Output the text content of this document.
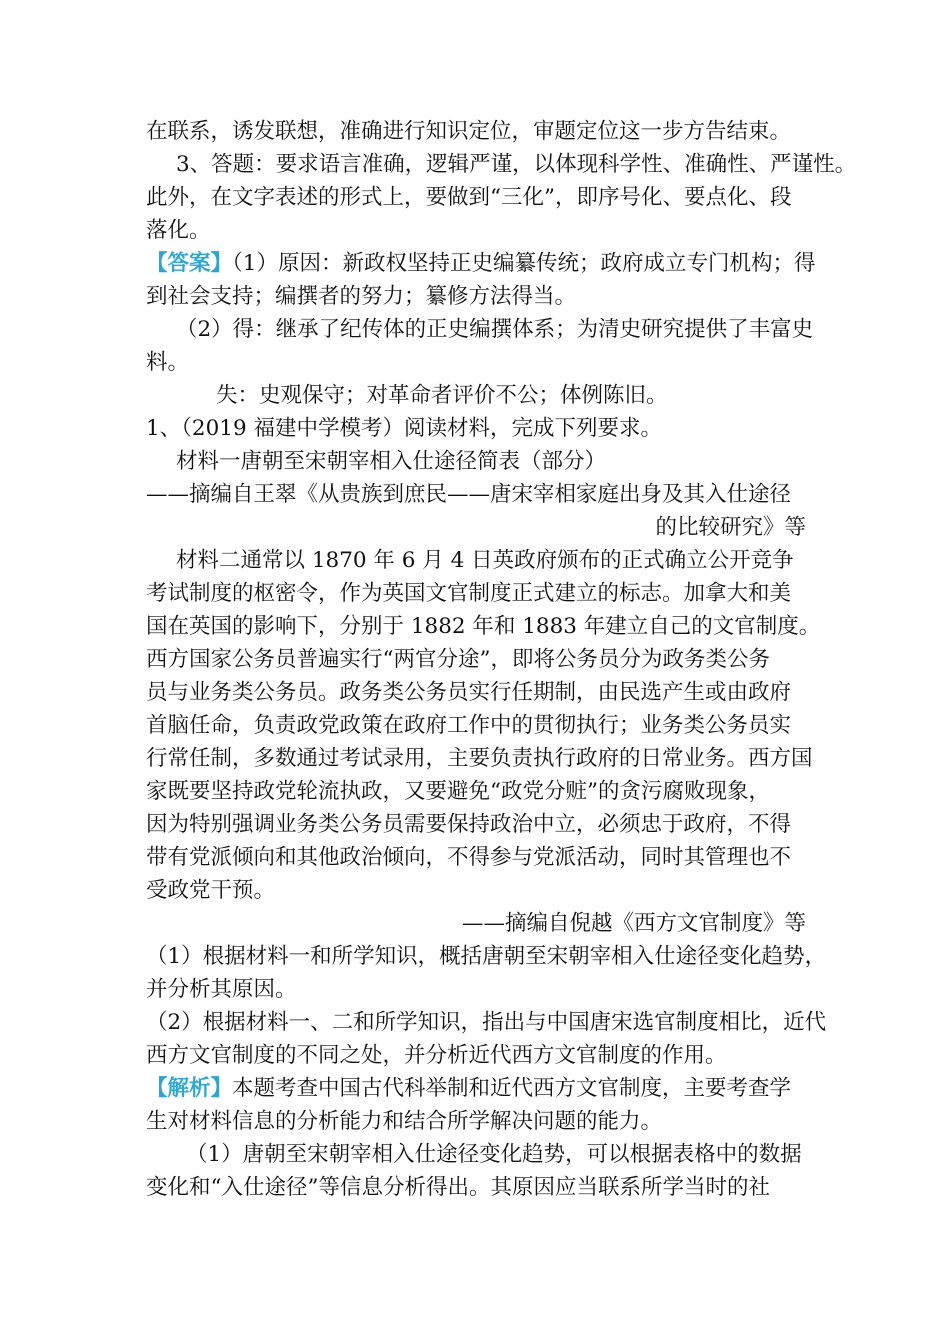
在联系，诱发联想，准确进行知识定位，审题定位这一步方告结束。
3、答题：要求语言准确，逻辑严谨，以体现科学性、准确性、严谨性。
此外，在文字表述的形式上，要做到“三化”，即序号化、要点化、段
落化。
【答案】（1）原因：新政权坚持正史编纂传统；政府成立专门机构；得
到社会支持；编撰者的努力；纂修方法得当。
（2）得：继承了纪传体的正史编撰体系；为清史研究提供了丰富史
料。
失：史观保守；对革命者评价不公；体例陈旧。
1、（2019 福建中学模考）阅读材料，完成下列要求。
材料一唐朝至宋朝宰相入仕途径简表（部分）
——摘编自王翠《从贵族到庶民——唐宋宰相家庭出身及其入仕途径
的比较研究》等
材料二通常以 1870 年 6 月 4 日英政府颁布的正式确立公开竞争
考试制度的枢密令，作为英国文官制度正式建立的标志。加拿大和美
国在英国的影响下，分别于 1882 年和 1883 年建立自己的文官制度。
西方国家公务员普遍实行“两官分途”，即将公务员分为政务类公务
员与业务类公务员。政务类公务员实行任期制，由民选产生或由政府
首脑任命，负责政党政策在政府工作中的贯彻执行；业务类公务员实
行常任制，多数通过考试录用，主要负责执行政府的日常业务。西方国
家既要坚持政党轮流执政，又要避免“政党分赃”的贪污腐败现象，
因为特别强调业务类公务员需要保持政治中立，必须忠于政府，不得
带有党派倾向和其他政治倾向，不得参与党派活动，同时其管理也不
受政党干预。
——摘编自倪越《西方文官制度》等
（1）根据材料一和所学知识，概括唐朝至宋朝宰相入仕途径变化趋势，
并分析其原因。
（2）根据材料一、二和所学知识，指出与中国唐宋选官制度相比，近代
西方文官制度的不同之处，并分析近代西方文官制度的作用。
【解析】本题考查中国古代科举制和近代西方文官制度，主要考查学
生对材料信息的分析能力和结合所学解决问题的能力。
（1）唐朝至宋朝宰相入仕途径变化趋势，可以根据表格中的数据
变化和“入仕途径”等信息分析得出。其原因应当联系所学当时的社
